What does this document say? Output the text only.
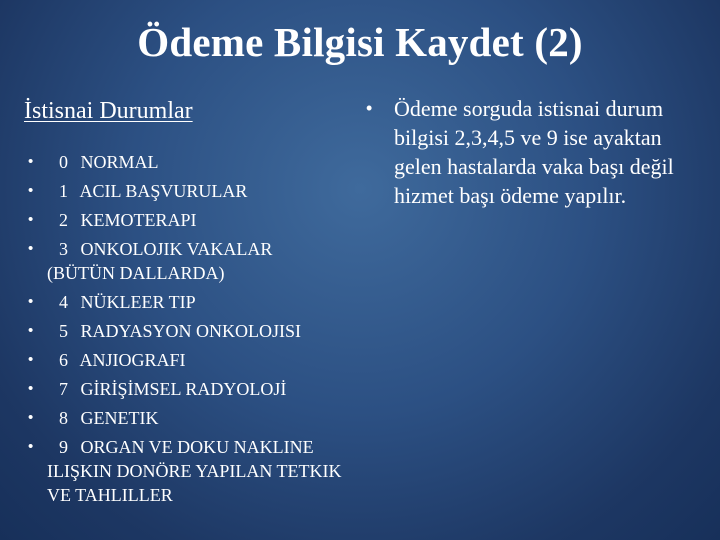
Ödeme Bilgisi Kaydet (2)
İstisnai Durumlar
• 0 NORMAL
• 1 ACIL BAŞVURULAR
• 2 KEMOTERAPI
• 3 ONKOLOJIK VAKALAR
(BÜTÜN DALLARDA)
• 4 NÜKLEER TIP
• 5 RADYASYON ONKOLOJISI
• 6 ANJIOGRAFI
• 7 GİRİŞİMSEL RADYOLOJİ
• 8 GENETIK
• 9 ORGAN VE DOKU NAKLINE
ILIŞKIN DONÖRE YAPILAN TETKIK VE TAHLILLER
• Ödeme sorguda istisnai durum bilgisi 2,3,4,5 ve 9 ise ayaktan gelen hastalarda vaka başı değil hizmet başı ödeme yapılır.
